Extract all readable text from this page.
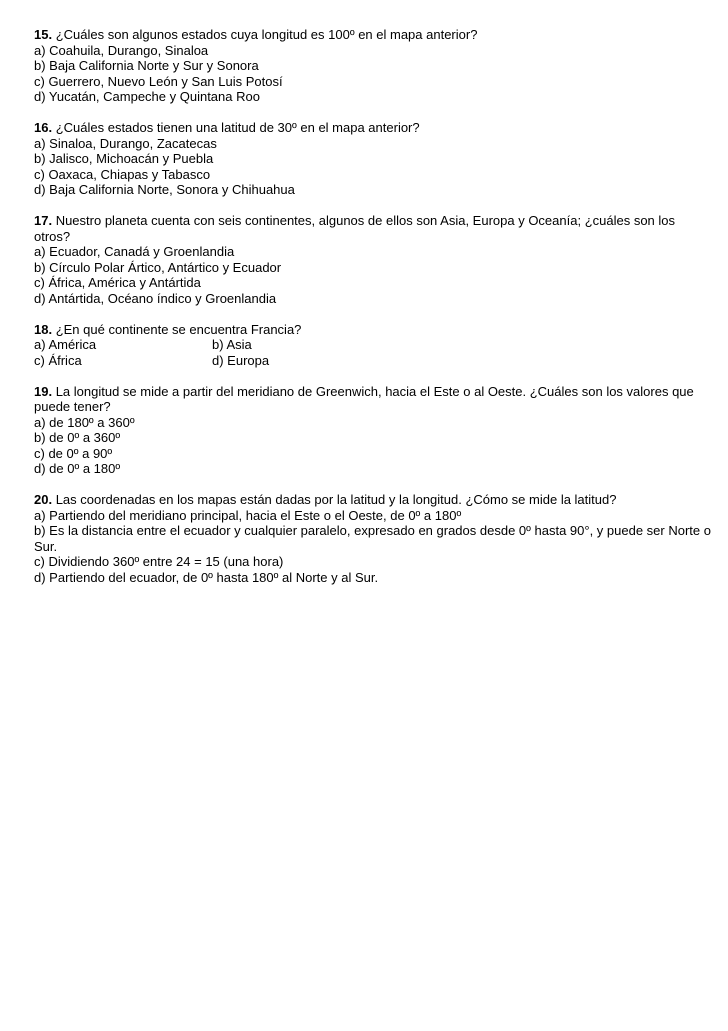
15. ¿Cuáles son algunos estados cuya longitud es 100º en el mapa anterior?
a) Coahuila, Durango, Sinaloa
b) Baja California Norte y Sur y Sonora
c) Guerrero, Nuevo León y San Luis Potosí
d) Yucatán, Campeche y Quintana Roo
16. ¿Cuáles estados tienen una latitud de 30º en el mapa anterior?
a) Sinaloa, Durango, Zacatecas
b) Jalisco, Michoacán y Puebla
c) Oaxaca, Chiapas y Tabasco
d) Baja California Norte, Sonora y Chihuahua
17. Nuestro planeta cuenta con seis continentes, algunos de ellos son Asia, Europa y Oceanía; ¿cuáles son los otros?
a) Ecuador, Canadá y Groenlandia
b) Círculo Polar Ártico, Antártico y Ecuador
c) África, América y Antártida
d) Antártida, Océano índico y Groenlandia
18. ¿En qué continente se encuentra Francia?
a) América	b) Asia
c) África	d) Europa
19. La longitud se mide a partir del meridiano de Greenwich, hacia el Este o al Oeste. ¿Cuáles son los valores que puede tener?
a) de 180º a 360º
b) de 0º a 360º
c) de 0º a 90º
d) de 0º a 180º
20. Las coordenadas en los mapas están dadas por la latitud y la longitud. ¿Cómo se mide la latitud?
a) Partiendo del meridiano principal, hacia el Este o el Oeste, de 0º a 180º
b) Es la distancia entre el ecuador y cualquier paralelo, expresado en grados desde 0º hasta 90°, y puede ser Norte o Sur.
c) Dividiendo 360º entre 24 = 15 (una hora)
d) Partiendo del ecuador, de 0º hasta 180º al Norte y al Sur.
